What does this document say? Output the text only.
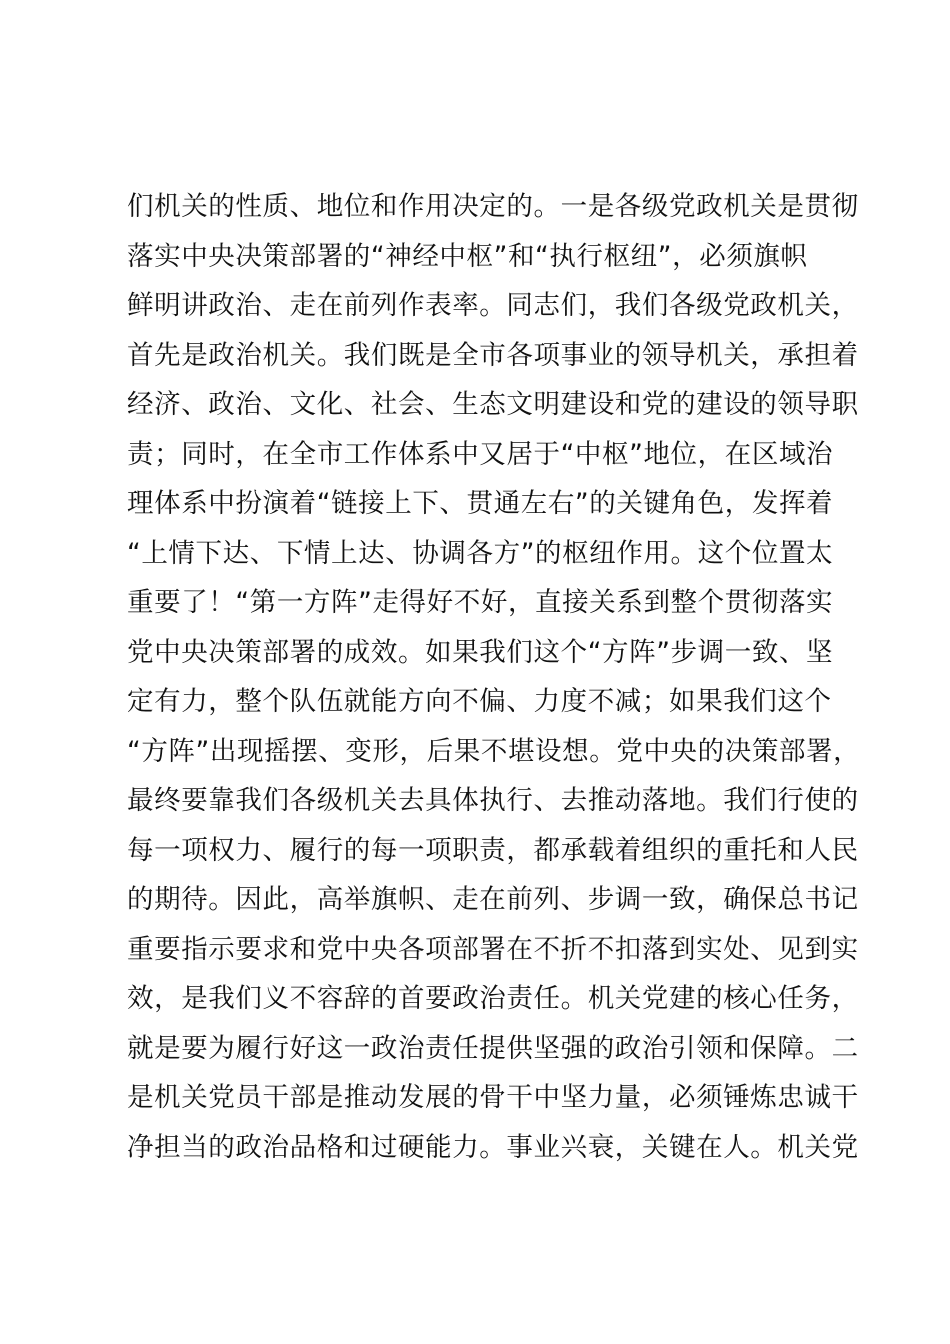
们机关的性质、地位和作用决定的。一是各级党政机关是贯彻
落实中央决策部署的“神经中枢”和“执行枢纽”，必须旗帜
鲜明讲政治、走在前列作表率。同志们，我们各级党政机关，
首先是政治机关。我们既是全市各项事业的领导机关，承担着
经济、政治、文化、社会、生态文明建设和党的建设的领导职
责；同时，在全市工作体系中又居于“中枢”地位，在区域治
理体系中扮演着“链接上下、贯通左右”的关键角色，发挥着
“上情下达、下情上达、协调各方”的枢纽作用。这个位置太
重要了！“第一方阵”走得好不好，直接关系到整个贯彻落实
党中央决策部署的成效。如果我们这个“方阵”步调一致、坚
定有力，整个队伍就能方向不偏、力度不减；如果我们这个
“方阵”出现摇摆、变形，后果不堪设想。党中央的决策部署，
最终要靠我们各级机关去具体执行、去推动落地。我们行使的
每一项权力、履行的每一项职责，都承载着组织的重托和人民
的期待。因此，高举旗帜、走在前列、步调一致，确保总书记
重要指示要求和党中央各项部署在不折不扣落到实处、见到实
效，是我们义不容辞的首要政治责任。机关党建的核心任务，
就是要为履行好这一政治责任提供坚强的政治引领和保障。二
是机关党员干部是推动发展的骨干中坚力量，必须锤炼忠诚干
净担当的政治品格和过硬能力。事业兴衰，关键在人。机关党
